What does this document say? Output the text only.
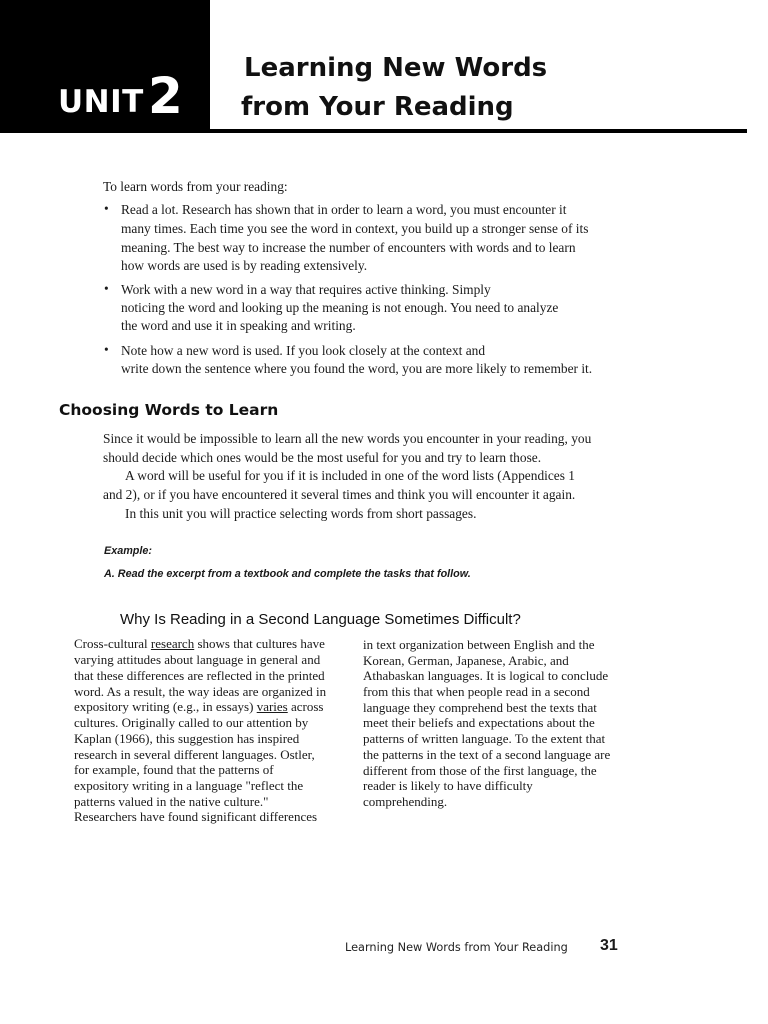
UNIT 2 Learning New Words
from Your Reading

To learn words from your reading:

• Read a lot. Research has shown that in order to learn a word, you must encounter it

many times. Each time you see the word in context, you build up a stronger sense of its

meaning. The best way to increase the number of encounters with words and to learn

how words are used is by reading extensively.

• Work with a new word in a way that requires active thinking. Simply

noticing the word and looking up the meaning is not enough. You need to analyze

the word and use it in speaking and writing.

• Note how a new word is used. If you look closely at the context and

write down the sentence where you found the word, you are more likely to remember it.

Choosing Words to Learn

Since it would be impossible to learn all the new words you encounter in your reading, you

should decide which ones would be the most useful for you and try to learn those.

A word will be useful for you if it is included in one of the word lists (Appendices 1

and 2), or if you have encountered it several times and think you will encounter it again.

In this unit you will practice selecting words from short passages.

Example:
A. Read the excerpt from a textbook and complete the tasks that follow.
Why Is Reading in a Second Language Sometimes Difficult?

Cross-cultural research shows that cultures have

varying attitudes about language in general and

that these differences are reflected in the printed

word. As a result, the way ideas are organized in

expository writing (e.g., in essays) varies across

cultures. Originally called to our attention by

Kaplan (1966), this suggestion has inspired

research in several different languages. Ostler,

for example, found that the patterns of

expository writing in a language "reflect the

patterns valued in the native culture."

Researchers have found significant differences

in text organization between English and the

Korean, German, Japanese, Arabic, and

Athabaskan languages. It is logical to conclude

from this that when people read in a second

language they comprehend best the texts that

meet their beliefs and expectations about the

patterns of written language. To the extent that

the patterns in the text of a second language are

different from those of the first language, the

reader is likely to have difficulty

comprehending.

Learning New Words from Your Reading 31
